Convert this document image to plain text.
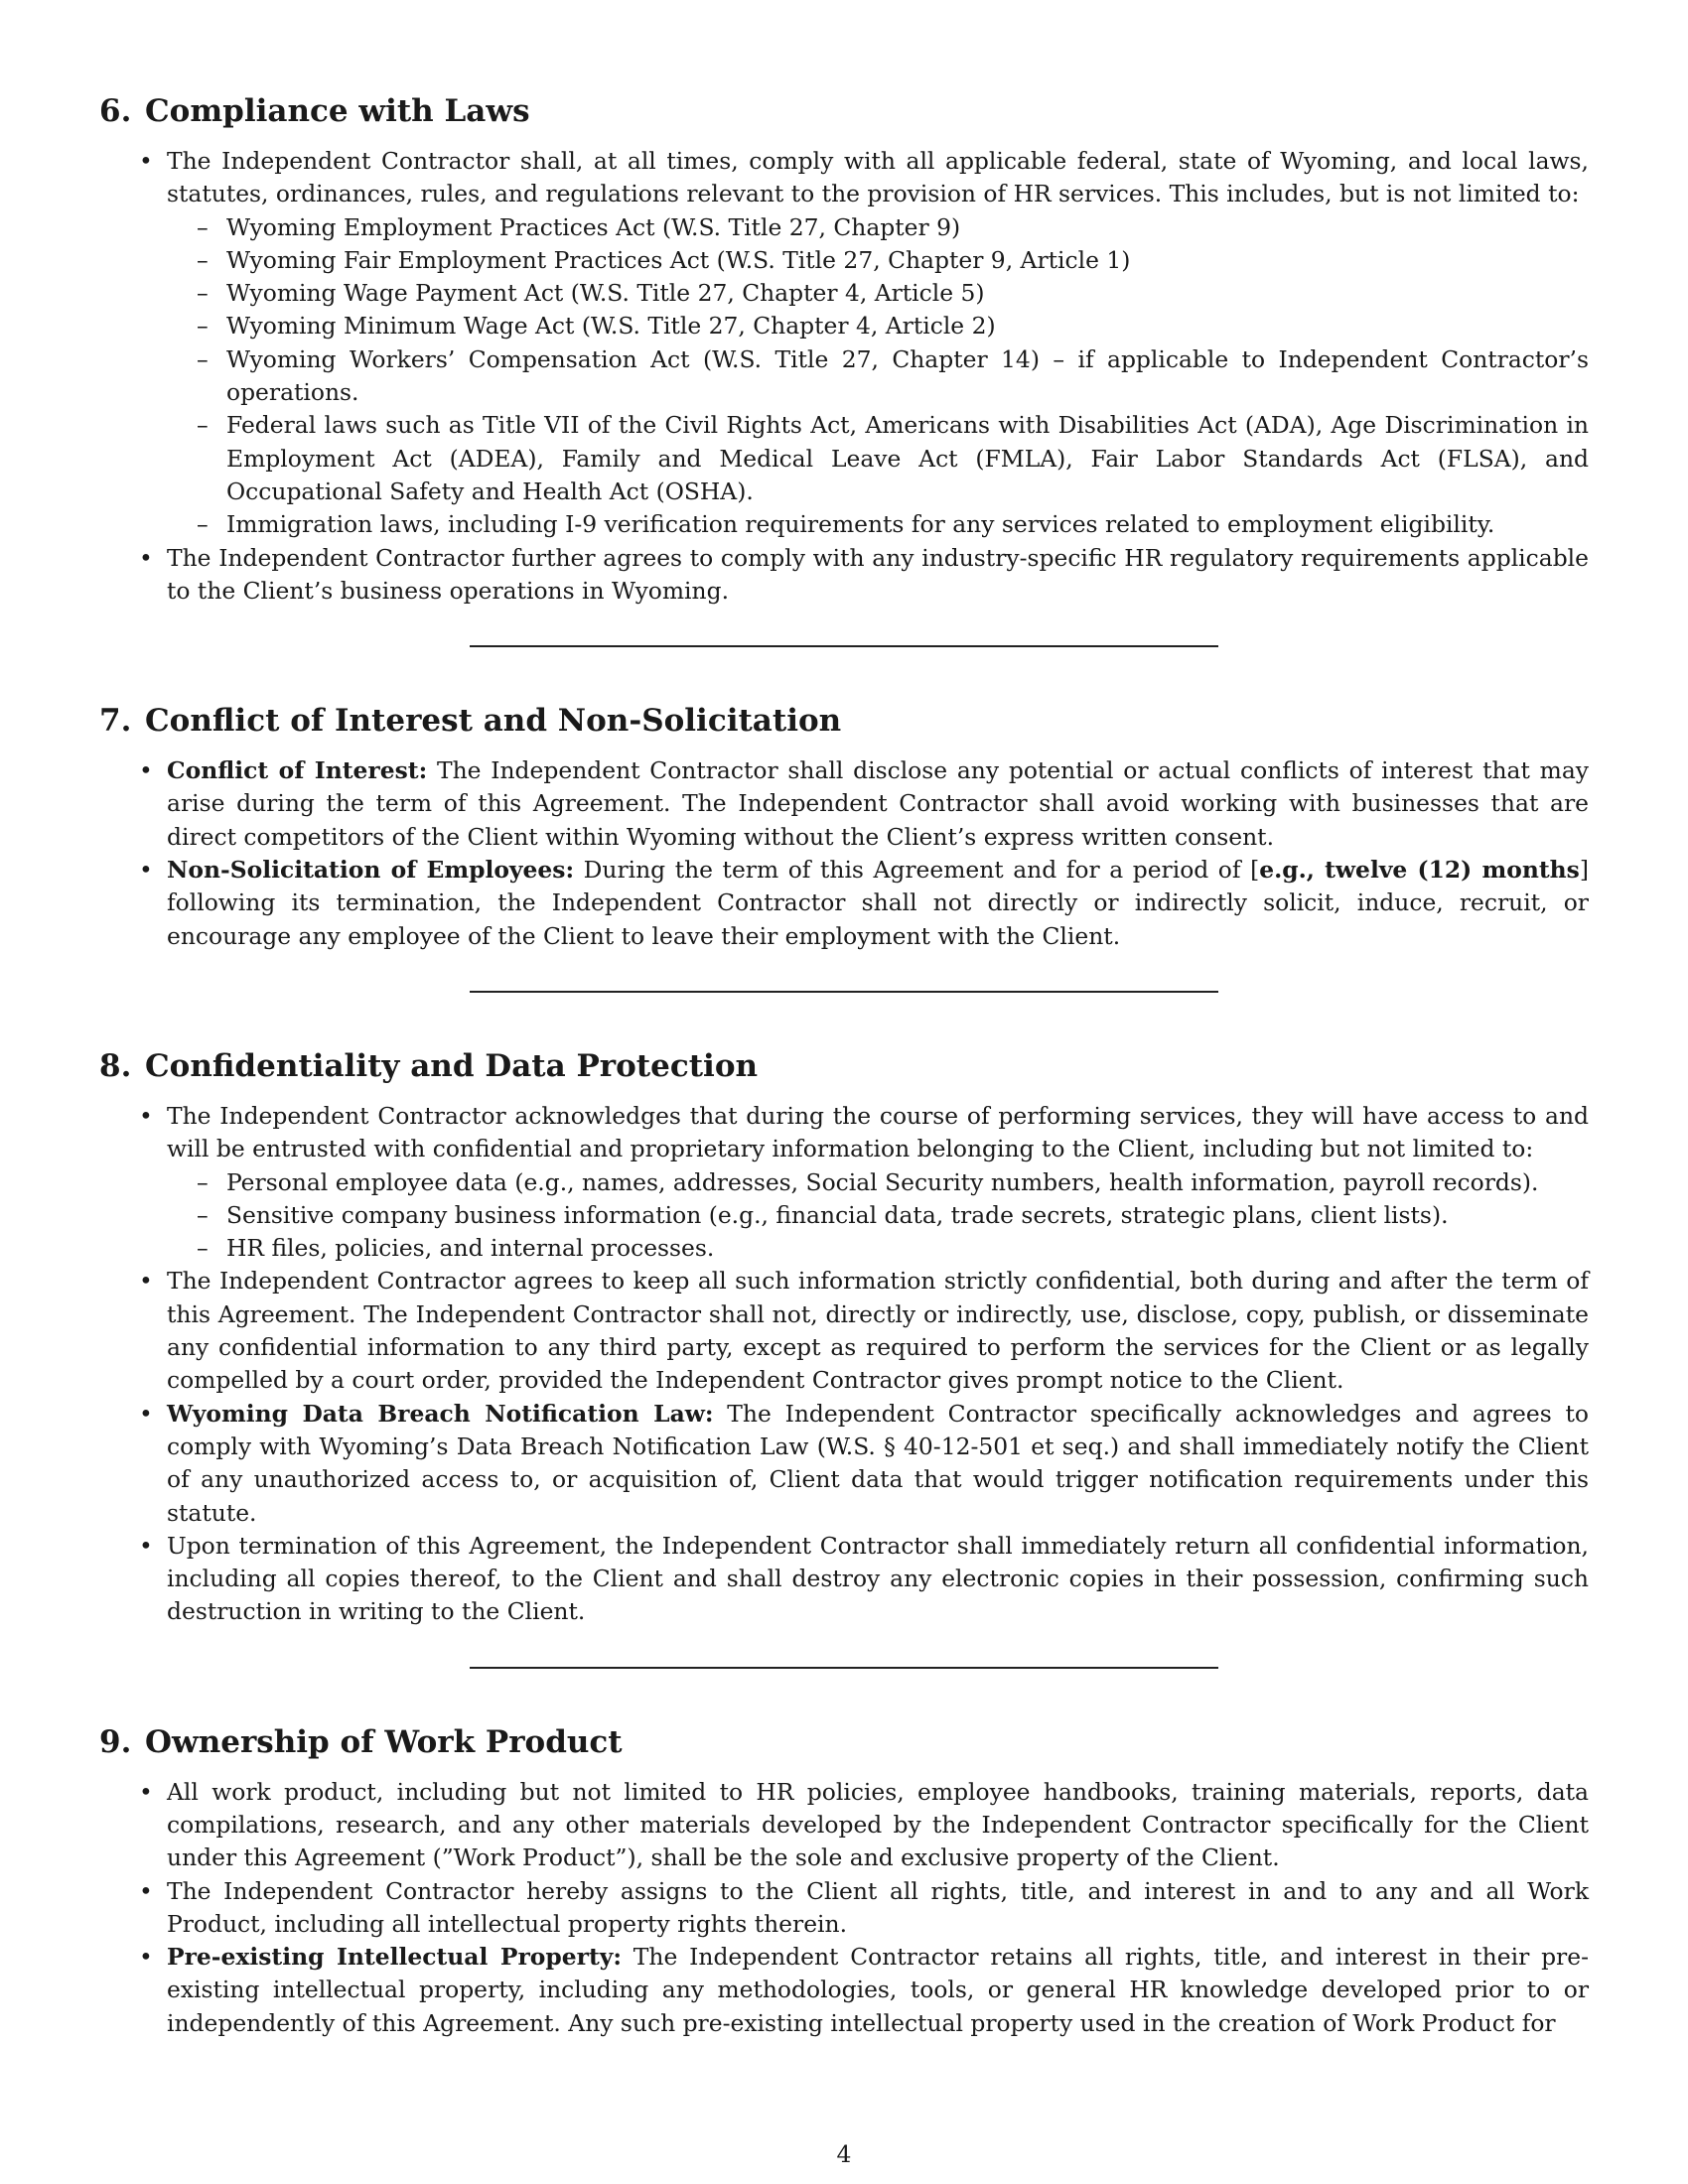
6. Compliance with Laws
• The Independent Contractor shall, at all times, comply with all applicable federal, state of Wyoming, and local laws, statutes, ordinances, rules, and regulations relevant to the provision of HR services. This includes, but is not limited to:
– Wyoming Employment Practices Act (W.S. Title 27, Chapter 9)
– Wyoming Fair Employment Practices Act (W.S. Title 27, Chapter 9, Article 1)
– Wyoming Wage Payment Act (W.S. Title 27, Chapter 4, Article 5)
– Wyoming Minimum Wage Act (W.S. Title 27, Chapter 4, Article 2)
– Wyoming Workers’ Compensation Act (W.S. Title 27, Chapter 14) – if applicable to Independent Contractor’s operations.
– Federal laws such as Title VII of the Civil Rights Act, Americans with Disabilities Act (ADA), Age Discrimination in Employment Act (ADEA), Family and Medical Leave Act (FMLA), Fair Labor Standards Act (FLSA), and Occupational Safety and Health Act (OSHA).
– Immigration laws, including I-9 verification requirements for any services related to employment eligibility.
• The Independent Contractor further agrees to comply with any industry-specific HR regulatory requirements applicable to the Client’s business operations in Wyoming.
7. Conflict of Interest and Non-Solicitation
• Conflict of Interest: The Independent Contractor shall disclose any potential or actual conflicts of interest that may arise during the term of this Agreement. The Independent Contractor shall avoid working with businesses that are direct competitors of the Client within Wyoming without the Client’s express written consent.
• Non-Solicitation of Employees: During the term of this Agreement and for a period of [e.g., twelve (12) months] following its termination, the Independent Contractor shall not directly or indirectly solicit, induce, recruit, or encourage any employee of the Client to leave their employment with the Client.
8. Confidentiality and Data Protection
• The Independent Contractor acknowledges that during the course of performing services, they will have access to and will be entrusted with confidential and proprietary information belonging to the Client, including but not limited to:
– Personal employee data (e.g., names, addresses, Social Security numbers, health information, payroll records).
– Sensitive company business information (e.g., financial data, trade secrets, strategic plans, client lists).
– HR files, policies, and internal processes.
• The Independent Contractor agrees to keep all such information strictly confidential, both during and after the term of this Agreement. The Independent Contractor shall not, directly or indirectly, use, disclose, copy, publish, or disseminate any confidential information to any third party, except as required to perform the services for the Client or as legally compelled by a court order, provided the Independent Contractor gives prompt notice to the Client.
• Wyoming Data Breach Notification Law: The Independent Contractor specifically acknowledges and agrees to comply with Wyoming’s Data Breach Notification Law (W.S. § 40-12-501 et seq.) and shall immediately notify the Client of any unauthorized access to, or acquisition of, Client data that would trigger notification requirements under this statute.
• Upon termination of this Agreement, the Independent Contractor shall immediately return all confidential information, including all copies thereof, to the Client and shall destroy any electronic copies in their possession, confirming such destruction in writing to the Client.
9. Ownership of Work Product
• All work product, including but not limited to HR policies, employee handbooks, training materials, reports, data compilations, research, and any other materials developed by the Independent Contractor specifically for the Client under this Agreement (”Work Product”), shall be the sole and exclusive property of the Client.
• The Independent Contractor hereby assigns to the Client all rights, title, and interest in and to any and all Work Product, including all intellectual property rights therein.
• Pre-existing Intellectual Property: The Independent Contractor retains all rights, title, and interest in their pre-existing intellectual property, including any methodologies, tools, or general HR knowledge developed prior to or independently of this Agreement. Any such pre-existing intellectual property used in the creation of Work Product for
4
